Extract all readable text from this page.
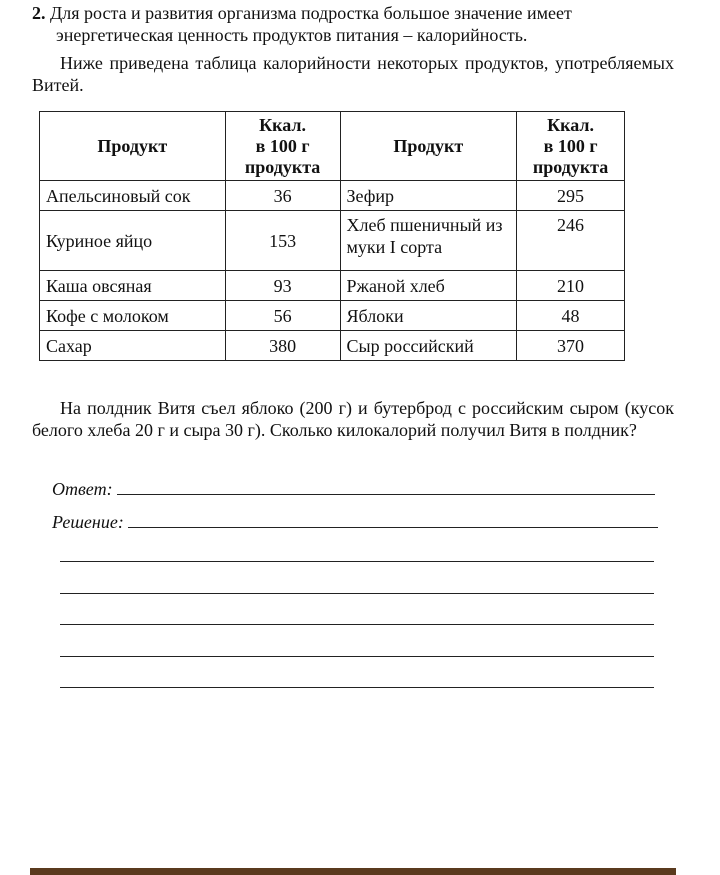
2. Для роста и развития организма подростка большое значение имеет
энергетическая ценность продуктов питания – калорийность.
Ниже приведена таблица калорийности некоторых продуктов, употребляемых Витей.
Продукт	Ккал.
в 100 г
продукта	Продукт	Ккал.
в 100 г
продукта
Апельсиновый сок	36	Зефир	295
Куриное яйцо	153	Хлеб пшеничный из муки I сорта	246
Каша овсяная	93	Ржаной хлеб	210
Кофе с молоком	56	Яблоки	48
Сахар	380	Сыр российский	370
На полдник Витя съел яблоко (200 г) и бутерброд с российским сыром (кусок белого хлеба 20 г и сыра 30 г). Сколько килокалорий получил Витя в полдник?
Ответ :
Решение :
